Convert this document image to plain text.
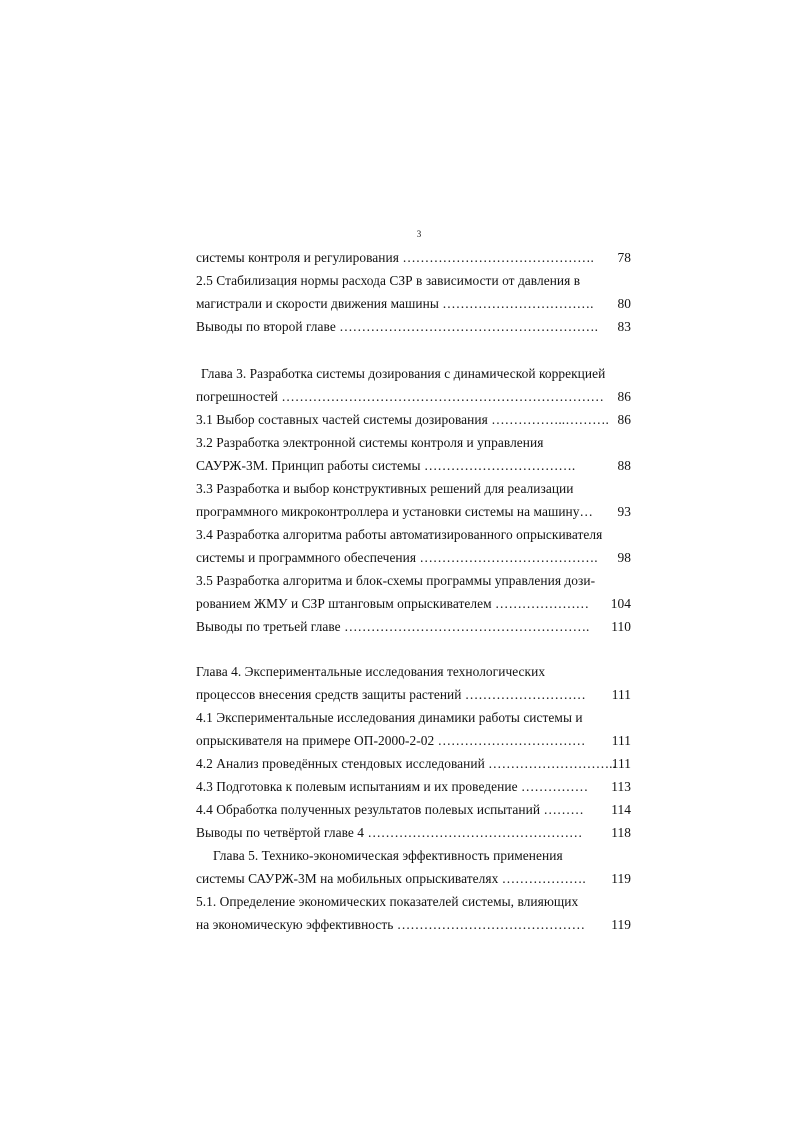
3
системы контроля и регулирования ……………………………………. 78
2.5 Стабилизация нормы расхода СЗР в зависимости от давления в
магистрали и скорости движения машины ……………………………. 80
Выводы по второй главе …………………………………………………. 83
Глава 3. Разработка системы дозирования с динамической коррекцией
погрешностей ……………………………………………………………… 86
3.1 Выбор составных частей системы дозирования ……………..………. 86
3.2 Разработка электронной системы контроля и управления
САУРЖ-3М. Принцип работы системы …………………………….	88
3.3 Разработка и выбор конструктивных решений для реализации
программного микроконтроллера и установки системы на машину… 93
3.4 Разработка алгоритма работы автоматизированного опрыскивателя
системы и программного обеспечения …………………………………. 98
3.5 Разработка алгоритма и блок-схемы программы управления дози-
рованием ЖМУ и СЗР штанговым опрыскивателем ………………… 104
Выводы по третьей главе ………………………………………………. 110
Глава 4. Экспериментальные исследования технологических
процессов внесения средств защиты растений ……………………… 111
4.1 Экспериментальные исследования динамики работы системы и
опрыскивателя на примере ОП-2000-2-02 …………………………… 111
4.2 Анализ проведённых стендовых исследований ………………………..
111
4.3 Подготовка к полевым испытаниям и их проведение …………… 113
4.4 Обработка полученных результатов полевых испытаний ……… 114
Выводы по четвёртой главе 4 ………………………………………… 118
Глава 5. Технико-экономическая эффективность применения
системы САУРЖ-3М на мобильных опрыскивателях ………………. 119
5.1. Определение экономических показателей системы, влияющих
на экономическую эффективность …………………………………… 119
